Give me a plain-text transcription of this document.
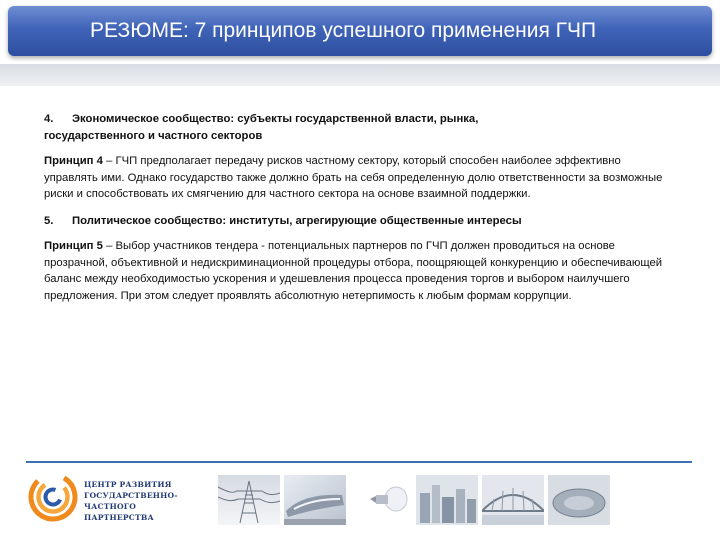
РЕЗЮМЕ: 7 принципов успешного применения ГЧП

4. Экономическое сообщество: субъекты государственной власти, рынка,
государственного и частного секторов

Принцип 4 – ГЧП предполагает передачу рисков частному сектору, который способен наиболее эффективно управлять ими. Однако государство также должно брать на себя определенную долю ответственности за возможные риски и способствовать их смягчению для частного сектора на основе взаимной поддержки.

5. Политическое сообщество: институты, агрегирующие общественные интересы

Принцип 5 – Выбор участников тендера - потенциальных партнеров по ГЧП должен проводиться на основе прозрачной, объективной и недискриминационной процедуры отбора, поощряющей конкуренцию и обеспечивающей баланс между необходимостью ускорения и удешевления процесса проведения торгов и выбором наилучшего предложения. При этом следует проявлять абсолютную нетерпимость к любым формам коррупции.

ЦЕНТР РАЗВИТИЯ
ГОСУДАРСТВЕННО-ЧАСТНОГО
ПАРТНЕРСТВА
